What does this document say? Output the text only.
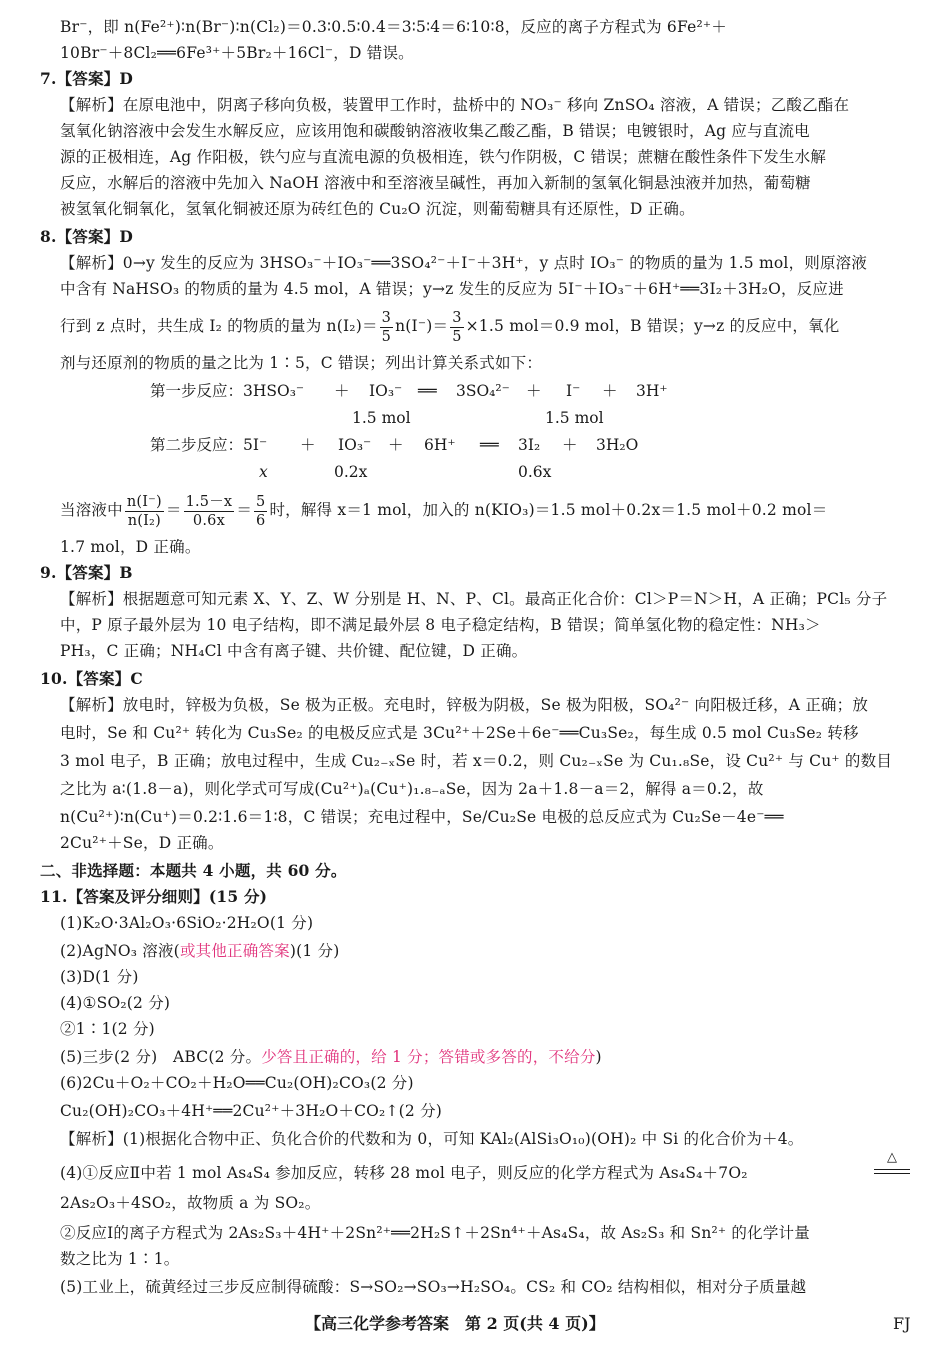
Br⁻，即 n(Fe²⁺)∶n(Br⁻)∶n(Cl₂)＝0.3∶0.5∶0.4＝3∶5∶4＝6∶10∶8，反应的离子方程式为 6Fe²⁺＋
10Br⁻＋8Cl₂══6Fe³⁺＋5Br₂＋16Cl⁻，D 错误。
7.【答案】D
【解析】在原电池中，阴离子移向负极，装置甲工作时，盐桥中的 NO₃⁻ 移向 ZnSO₄ 溶液，A 错误；乙酸乙酯在
氢氧化钠溶液中会发生水解反应，应该用饱和碳酸钠溶液收集乙酸乙酯，B 错误；电镀银时，Ag 应与直流电
源的正极相连，Ag 作阳极，铁勺应与直流电源的负极相连，铁勺作阴极，C 错误；蔗糖在酸性条件下发生水解
反应，水解后的溶液中先加入 NaOH 溶液中和至溶液呈碱性，再加入新制的氢氧化铜悬浊液并加热，葡萄糖
被氢氧化铜氧化，氢氧化铜被还原为砖红色的 Cu₂O 沉淀，则葡萄糖具有还原性，D 正确。
8.【答案】D
【解析】0→y 发生的反应为 3HSO₃⁻＋IO₃⁻══3SO₄²⁻＋I⁻＋3H⁺，y 点时 IO₃⁻ 的物质的量为 1.5 mol，则原溶液
中含有 NaHSO₃ 的物质的量为 4.5 mol，A 错误；y→z 发生的反应为 5I⁻＋IO₃⁻＋6H⁺══3I₂＋3H₂O，反应进
行到 z 点时，共生成 I₂ 的物质的量为 $n(I_2)= \frac{3}{5} n(I^-)= \frac{3}{5} \times 1.5$ mol＝0.9 mol，B 错误；y→z 的反应中，氧化
剂与还原剂的物质的量之比为 1∶5，C 错误；列出计算关系式如下：
第一步反应：3HSO₃⁻ ＋ IO₃⁻ ══ 3SO₄²⁻ ＋ I⁻ ＋ 3H⁺
1.5 mol	1.5 mol
第二步反应：5I⁻ ＋ IO₃⁻ ＋ 6H⁺ ══ 3I₂ ＋ 3H₂O
x	0.2x	0.6x
当溶液中 $\frac{n(I^-)}{\text{n(I₂)}} = \frac{1.5-x}{0.6x} = \frac{5}{6}$ 时，解得 x＝1 mol，加入的 n(KIO₃)＝1.5 mol＋0.2x＝1.5 mol＋0.2 mol＝
1.7 mol，D 正确。
9.【答案】B
【解析】根据题意可知元素 X、Y、Z、W 分别是 H、N、P、Cl。最高正化合价：Cl＞P＝N＞H，A 正确；PCl₅ 分子
中，P 原子最外层为 10 电子结构，即不满足最外层 8 电子稳定结构，B 错误；简单氢化物的稳定性：NH₃＞
PH₃，C 正确；NH₄Cl 中含有离子键、共价键、配位键，D 正确。
10.【答案】C
【解析】放电时，锌极为负极，Se 极为正极。充电时，锌极为阴极，Se 极为阳极，SO₄²⁻ 向阳极迁移，A 正确；放
电时，Se 和 Cu²⁺ 转化为 Cu₃Se₂ 的电极反应式是 3Cu²⁺＋2Se＋6e⁻══Cu₃Se₂，每生成 0.5 mol Cu₃Se₂ 转移
3 mol 电子，B 正确；放电过程中，生成 Cu₂₋ₓSe 时，若 x＝0.2，则 Cu₂₋ₓSe 为 Cu₁.₈Se，设 Cu²⁺ 与 Cu⁺ 的数目
之比为 a∶(1.8－a)，则化学式可写成(Cu²⁺)ₐ(Cu⁺)₁.₈₋ₐSe，因为 2a＋1.8－a＝2，解得 a＝0.2，故
n(Cu²⁺)∶n(Cu⁺)＝0.2∶1.6＝1∶8，C 错误；充电过程中，Se/Cu₂Se 电极的总反应式为 Cu₂Se－4e⁻══
2Cu²⁺＋Se，D 正确。
二、非选择题：本题共 4 小题，共 60 分。
11.【答案及评分细则】(15 分)
(1)K₂O·3Al₂O₃·6SiO₂·2H₂O(1 分)
(2)AgNO₃ 溶液(或其他正确答案)(1 分)
(3)D(1 分)
(4)①SO₂(2 分)
②1∶1(2 分)
(5)三步(2 分)　ABC(2 分。少答且正确的，给 1 分；答错或多答的，不给分)
(6)2Cu＋O₂＋CO₂＋H₂O══Cu₂(OH)₂CO₃(2 分)
Cu₂(OH)₂CO₃＋4H⁺══2Cu²⁺＋3H₂O＋CO₂↑(2 分)
【解析】(1)根据化合物中正、负化合价的代数和为 0，可知 KAl₂(AlSi₃O₁₀)(OH)₂ 中 Si 的化合价为＋4。
(4)①反应Ⅱ中若 1 mol As₄S₄ 参加反应，转移 28 mol 电子，则反应的化学方程式为 As₄S₄＋7O₂
△
2As₂O₃＋4SO₂，故物质 a 为 SO₂。
②反应Ⅰ的离子方程式为 2As₂S₃＋4H⁺＋2Sn²⁺══2H₂S↑＋2Sn⁴⁺＋As₄S₄，故 As₂S₃ 和 Sn²⁺ 的化学计量
数之比为 1∶1。
(5)工业上，硫黄经过三步反应制得硫酸：S→SO₂→SO₃→H₂SO₄。CS₂ 和 CO₂ 结构相似，相对分子质量越
【高三化学参考答案　第 2 页(共 4 页)】	FJ
